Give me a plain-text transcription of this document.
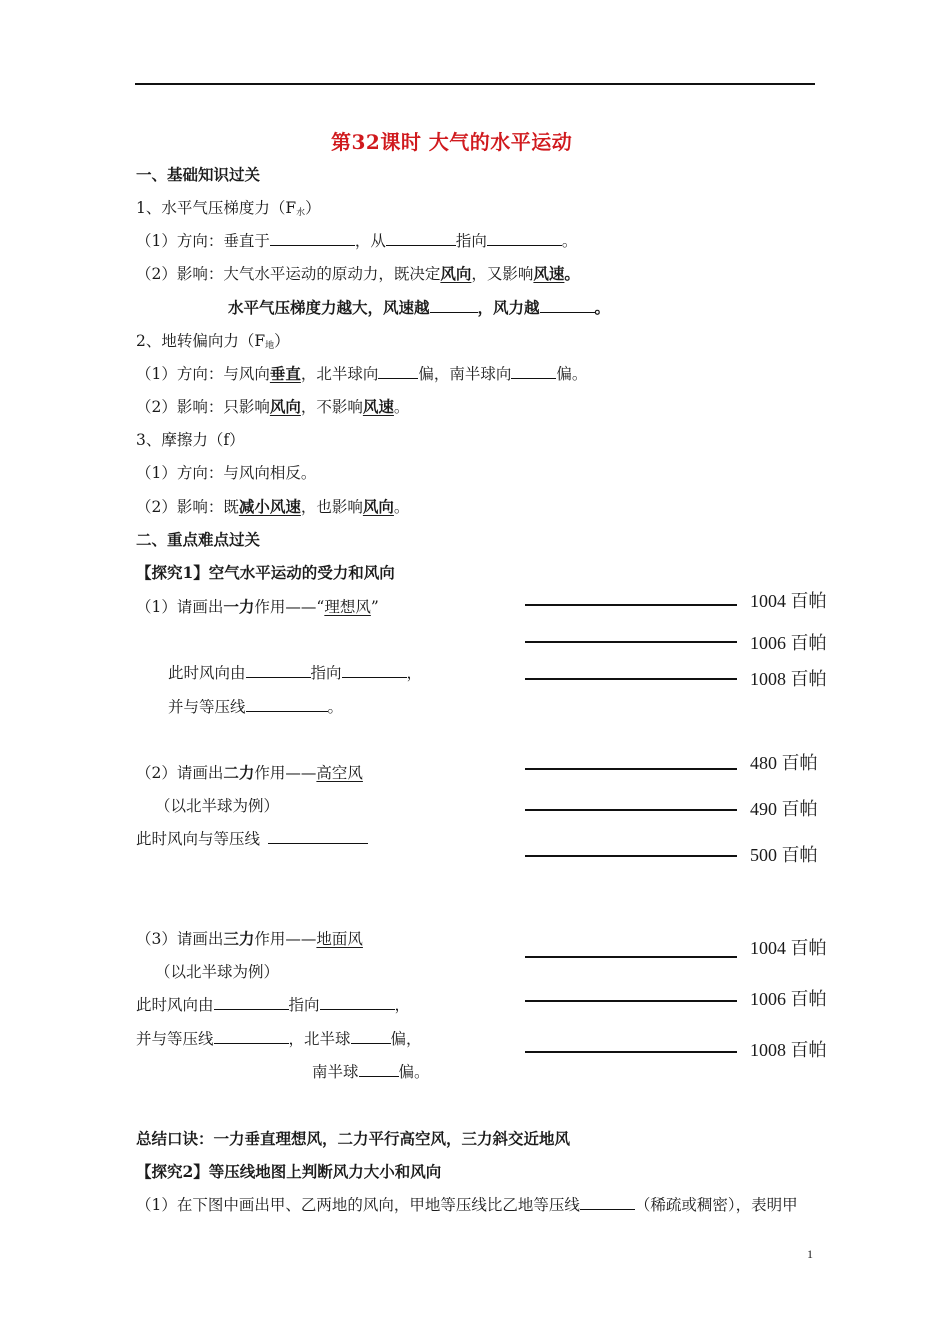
第32课时 大气的水平运动
一、基础知识过关
1、水平气压梯度力$(F_水)$
（1）方向：垂直于	，从	指向	。
（2）影响：大气水平运动的原动力，既决定风向，又影响风速。
水平气压梯度力越大，风速越	，风力越	。
2、地转偏向力$(F_地)$
（1）方向：与风向垂直，北半球向	偏，南半球向	偏。
（2）影响：只影响风向，不影响风速。
3、摩擦力（f）
（1）方向：与风向相反。
（2）影响：既减小风速，也影响风向。
二、重点难点过关
【探究1】空气水平运动的受力和风向
（1）请画出一力作用——“理想风”
此时风向由	指向	，
并与等压线	。
1004 百帕
1006 百帕
1008 百帕
（2）请画出二力作用——高空风
（以北半球为例）
此时风向与等压线
480 百帕
490 百帕
500 百帕
（3）请画出三力作用——地面风
（以北半球为例）
此时风向由	指向	，
并与等压线	，北半球	偏，
南半球	偏。
1004 百帕
1006 百帕
1008 百帕
总结口诀：一力垂直理想风，二力平行高空风，三力斜交近地风
【探究2】等压线地图上判断风力大小和风向
（1）在下图中画出甲、乙两地的风向，甲地等压线比乙地等压线	（稀疏或稠密），表明甲
1
